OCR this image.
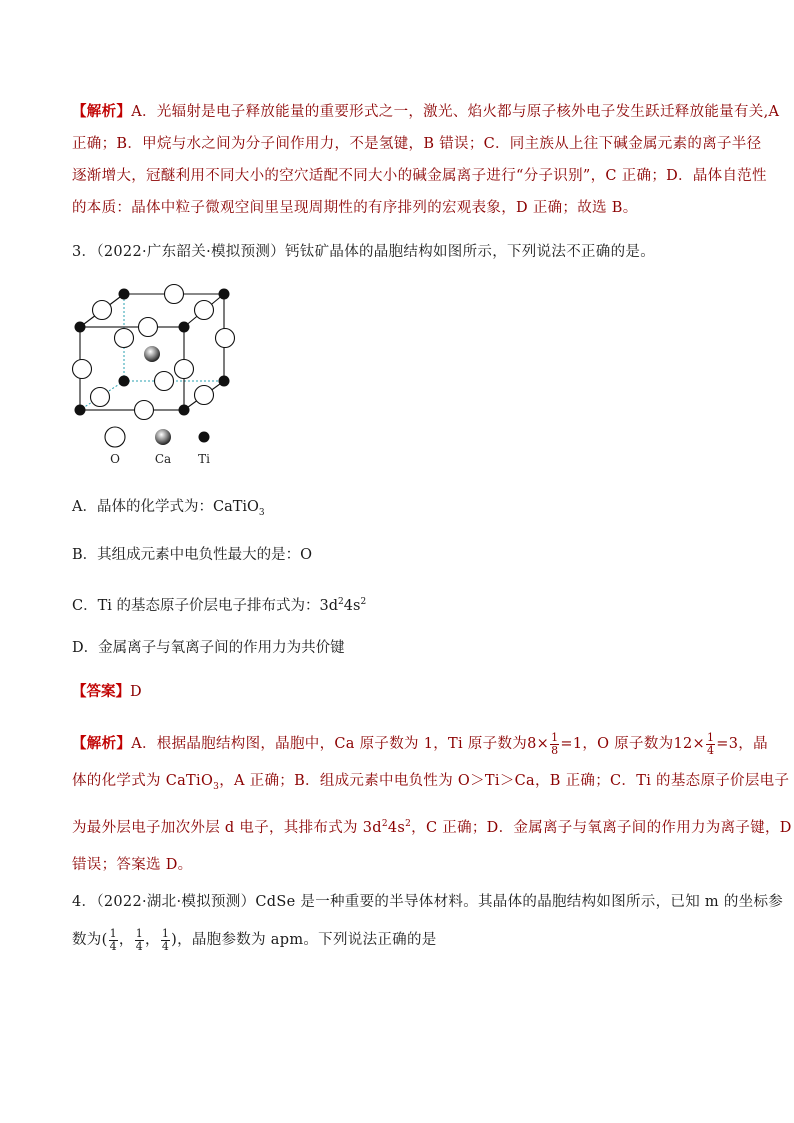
【解析】A．光辐射是电子释放能量的重要形式之一，激光、焰火都与原子核外电子发生跃迁释放能量有关,A
正确；B．甲烷与水之间为分子间作用力，不是氢键，B 错误；C．同主族从上往下碱金属元素的离子半径
逐渐增大，冠醚利用不同大小的空穴适配不同大小的碱金属离子进行“分子识别”，C 正确；D．晶体自范性
的本质：晶体中粒子微观空间里呈现周期性的有序排列的宏观表象，D 正确；故选 B。
3．（2022·广东韶关·模拟预测）钙钛矿晶体的晶胞结构如图所示，下列说法不正确的是。
O	Ca Ti
A．晶体的化学式为：CaTiO$_3$
B．其组成元素中电负性最大的是：O
C．Ti 的基态原子价层电子排布式为：$3d^24s^2$
D．金属离子与氧离子间的作用力为共价键
【答案】D
【解析】A．根据晶胞结构图，晶胞中，Ca 原子数为 1，Ti 原子数为$8\times \frac{1}{8} =1$，O 原子数为$12\times \frac{1}{4} =3$，晶
体的化学式为 CaTiO$_3$，A 正确；B．组成元素中电负性为 O＞Ti＞Ca，B 正确；C．Ti 的基态原子价层电子
为最外层电子加次外层 d 电子，其排布式为 $3d^24s^2$，C 正确；D．金属离子与氧离子间的作用力为离子键，D
错误；答案选 D。
4．（2022·湖北·模拟预测）CdSe 是一种重要的半导体材料。其晶体的晶胞结构如图所示，已知 m 的坐标参
数为( $\frac{1}{4}$ ， $\frac{1}{4}$ ， $\frac{1}{4}$ )，晶胞参数为 apm。下列说法正确的是
